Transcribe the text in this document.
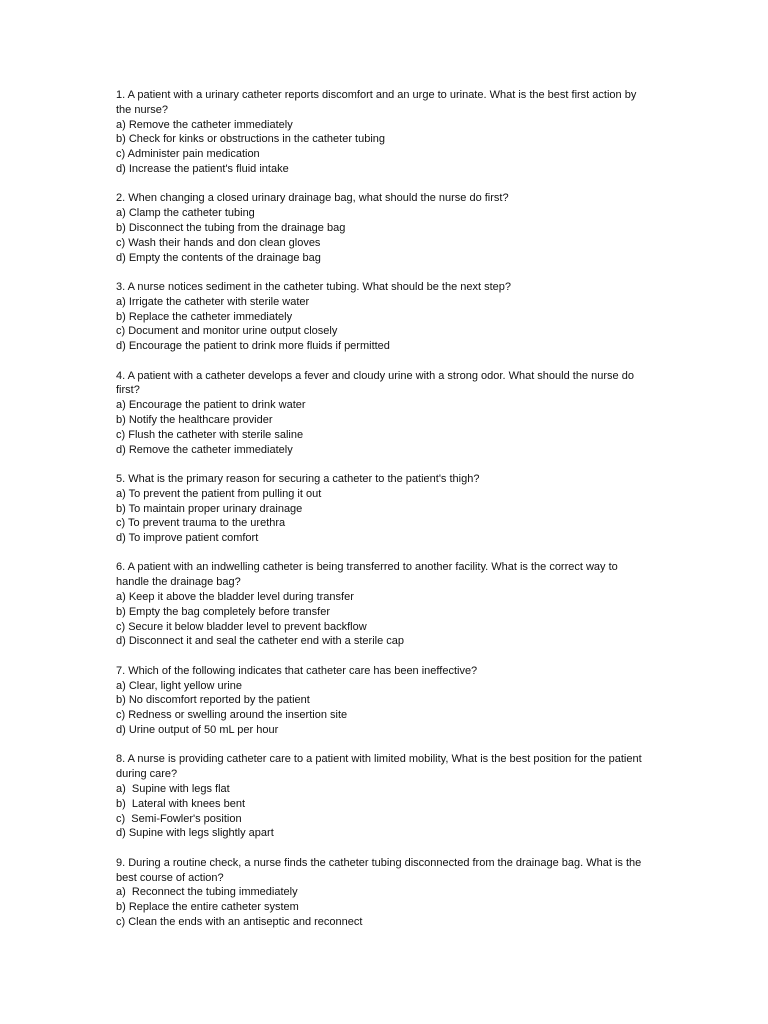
1. A patient with a urinary catheter reports discomfort and an urge to urinate. What is the best first action by the nurse?

a) Remove the catheter immediately

b) Check for kinks or obstructions in the catheter tubing

c) Administer pain medication

d) Increase the patient's fluid intake

2. When changing a closed urinary drainage bag, what should the nurse do first?

a) Clamp the catheter tubing

b) Disconnect the tubing from the drainage bag

c) Wash their hands and don clean gloves

d) Empty the contents of the drainage bag

3. A nurse notices sediment in the catheter tubing. What should be the next step?

a) Irrigate the catheter with sterile water

b) Replace the catheter immediately

c) Document and monitor urine output closely

d) Encourage the patient to drink more fluids if permitted

4. A patient with a catheter develops a fever and cloudy urine with a strong odor. What should the nurse do first?

a) Encourage the patient to drink water

b) Notify the healthcare provider

c) Flush the catheter with sterile saline

d) Remove the catheter immediately

5. What is the primary reason for securing a catheter to the patient's thigh?

a) To prevent the patient from pulling it out

b) To maintain proper urinary drainage

c) To prevent trauma to the urethra

d) To improve patient comfort

6. A patient with an indwelling catheter is being transferred to another facility. What is the correct way to handle the drainage bag?

a) Keep it above the bladder level during transfer

b) Empty the bag completely before transfer

c) Secure it below bladder level to prevent backflow

d) Disconnect it and seal the catheter end with a sterile cap

7. Which of the following indicates that catheter care has been ineffective?

a) Clear, light yellow urine

b) No discomfort reported by the patient

c) Redness or swelling around the insertion site

d) Urine output of 50 mL per hour

8. A nurse is providing catheter care to a patient with limited mobility, What is the best position for the patient during care?

a)  Supine with legs flat

b)  Lateral with knees bent

c)  Semi-Fowler's position

d) Supine with legs slightly apart

9. During a routine check, a nurse finds the catheter tubing disconnected from the drainage bag. What is the best course of action?

a)  Reconnect the tubing immediately

b) Replace the entire catheter system

c) Clean the ends with an antiseptic and reconnect
